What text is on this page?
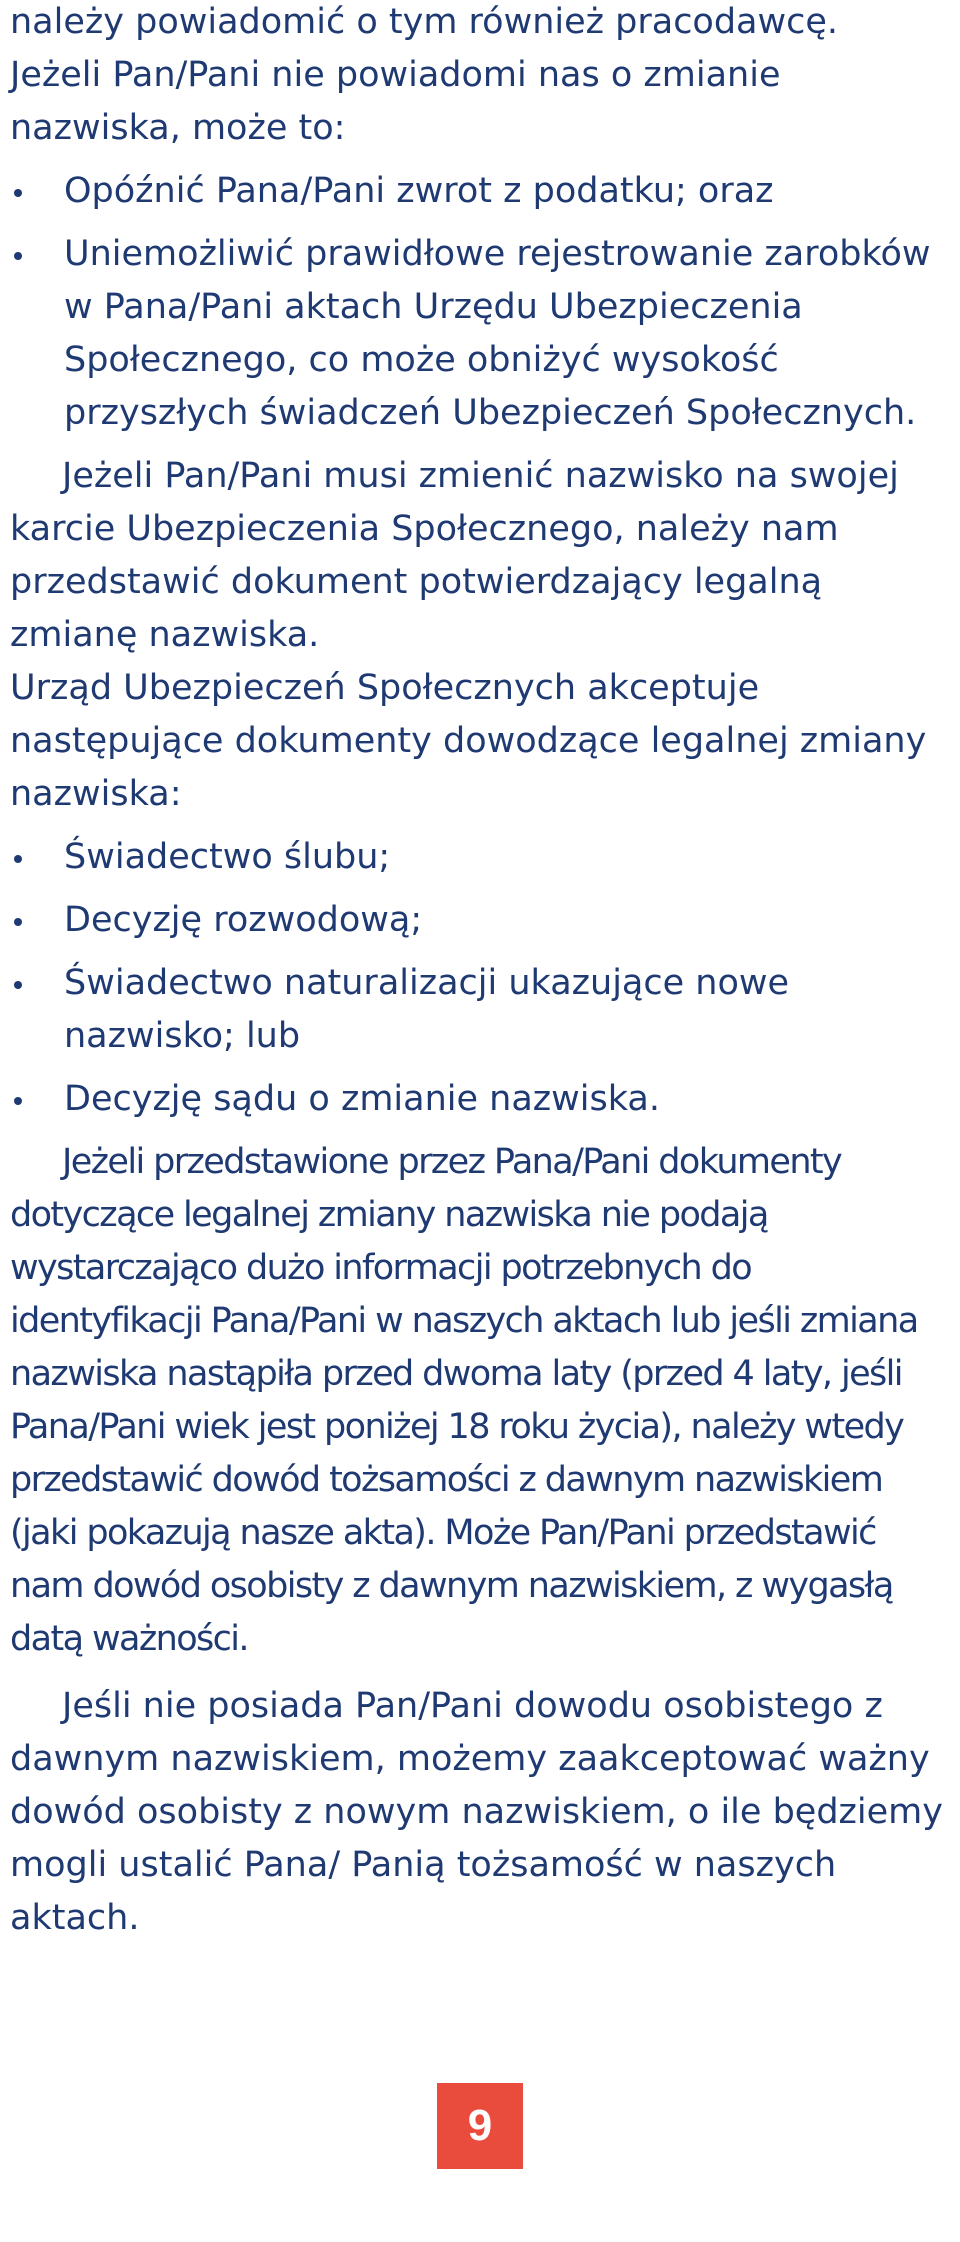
należy powiadomić o tym również pracodawcę.

Jeżeli Pan/Pani nie powiadomi nas o zmianie nazwiska, może to:

Opóźnić Pana/Pani zwrot z podatku; oraz
Uniemożliwić prawidłowe rejestrowanie zarobków w Pana/Pani aktach Urzędu Ubezpieczenia Społecznego, co może obniżyć wysokość przyszłych świadczeń Ubezpieczeń Społecznych.

Jeżeli Pan/Pani musi zmienić nazwisko na swojej karcie Ubezpieczenia Społecznego, należy nam przedstawić dokument potwierdzający legalną zmianę nazwiska.

Urząd Ubezpieczeń Społecznych akceptuje następujące dokumenty dowodzące legalnej zmiany nazwiska:

Świadectwo ślubu;
Decyzję rozwodową;
Świadectwo naturalizacji ukazujące nowe nazwisko; lub
Decyzję sądu o zmianie nazwiska.

Jeżeli przedstawione przez Pana/Pani dokumenty dotyczące legalnej zmiany nazwiska nie podają wystarczająco dużo informacji potrzebnych do identyfikacji Pana/Pani w naszych aktach lub jeśli zmiana nazwiska nastąpiła przed dwoma laty (przed 4 laty, jeśli Pana/Pani wiek jest poniżej 18 roku życia), należy wtedy przedstawić dowód tożsamości z dawnym nazwiskiem (jaki pokazują nasze akta). Może Pan/Pani przedstawić nam dowód osobisty z dawnym nazwiskiem, z wygasłą datą ważności.

Jeśli nie posiada Pan/Pani dowodu osobistego z dawnym nazwiskiem, możemy zaakceptować ważny dowód osobisty z nowym nazwiskiem, o ile będziemy mogli ustalić Pana/ Panią tożsamość w naszych aktach.

9
